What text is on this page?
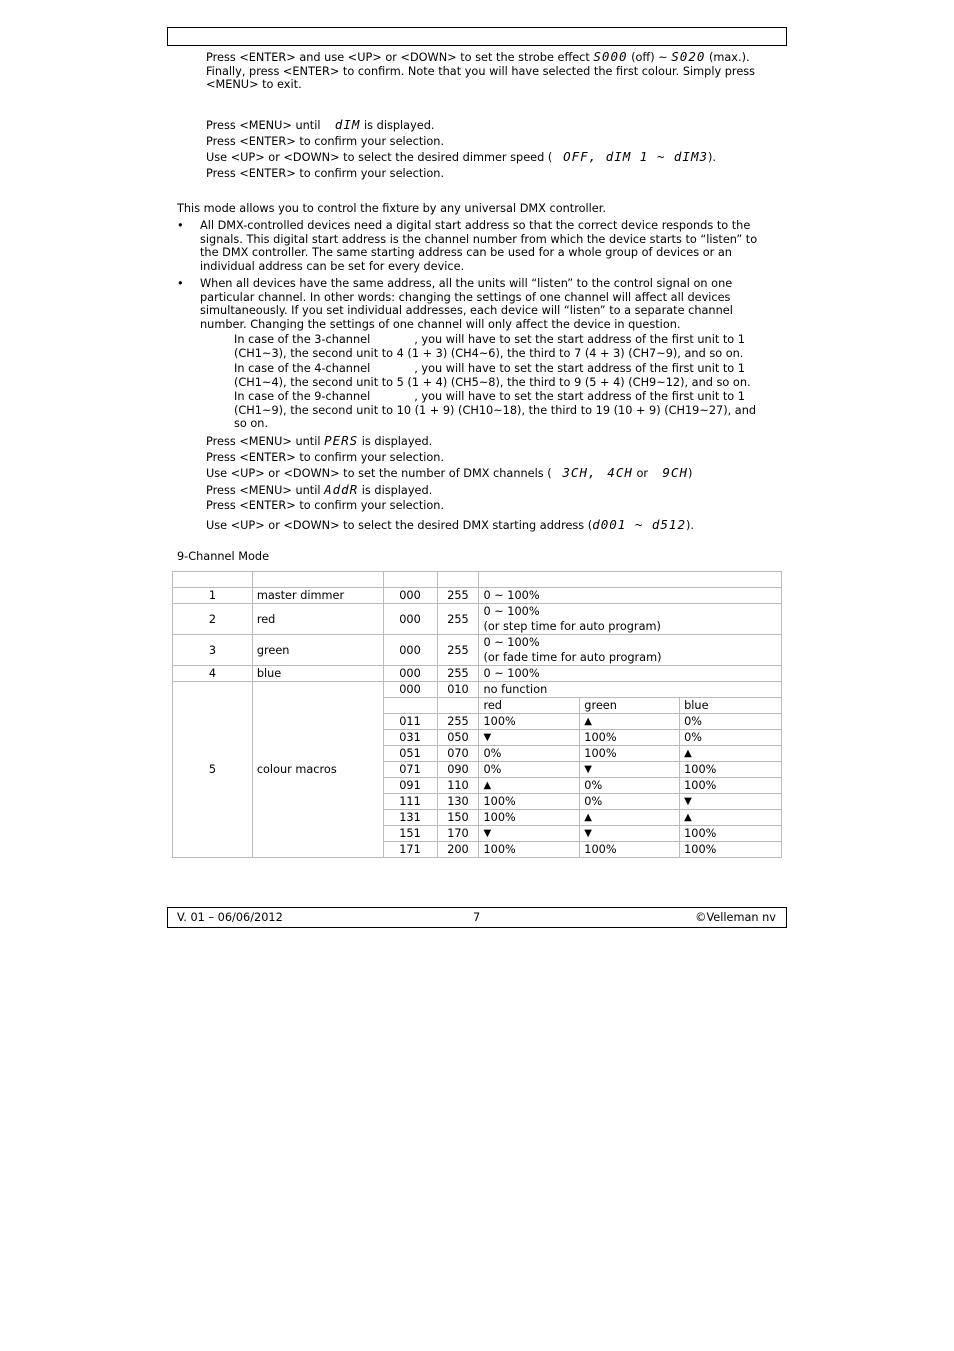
Press <ENTER> and use <UP> or <DOWN> to set the strobe effect S000 (off) ~ S020 (max.).
Finally, press <ENTER> to confirm. Note that you will have selected the first colour. Simply press
<MENU> to exit.
Press <MENU> until dIM is displayed.
Press <ENTER> to confirm your selection.
Use <UP> or <DOWN> to select the desired dimmer speed ( OFF, dIM 1 ~ dIM3).
Press <ENTER> to confirm your selection.
This mode allows you to control the fixture by any universal DMX controller.
• All DMX-controlled devices need a digital start address so that the correct device responds to the
signals. This digital start address is the channel number from which the device starts to “listen” to
the DMX controller. The same starting address can be used for a whole group of devices or an
individual address can be set for every device.
• When all devices have the same address, all the units will “listen” to the control signal on one
particular channel. In other words: changing the settings of one channel will affect all devices
simultaneously. If you set individual addresses, each device will “listen” to a separate channel
number. Changing the settings of one channel will only affect the device in question.
In case of the 3-channel	, you will have to set the start address of the first unit to 1
(CH1~3), the second unit to 4 (1 + 3) (CH4~6), the third to 7 (4 + 3) (CH7~9), and so on.
In case of the 4-channel	, you will have to set the start address of the first unit to 1
(CH1~4), the second unit to 5 (1 + 4) (CH5~8), the third to 9 (5 + 4) (CH9~12), and so on.
In case of the 9-channel	, you will have to set the start address of the first unit to 1
(CH1~9), the second unit to 10 (1 + 9) (CH10~18), the third to 19 (10 + 9) (CH19~27), and
so on.
Press <MENU> until PERS is displayed.
Press <ENTER> to confirm your selection.
Use <UP> or <DOWN> to set the number of DMX channels ( 3CH, 4CH or    9CH)
Press <MENU> until AddR is displayed.
Press <ENTER> to confirm your selection.
Use <UP> or <DOWN> to select the desired DMX starting address (d001 ~ d512).
9-Channel Mode

1	master dimmer	000	255	0 ~ 100%		

2	red	000	255	0 ~ 100%
(or step time for auto program)		

3	green	000	255	0 ~ 100%
(or fade time for auto program)		

4	blue	000	255	0 ~ 100%		

5	colour macros	000	010	no function		
				red	green	blue
		011	255	100%	▲	0%
		031	050	▼	100%	0%
		051	070	0%	100%	▲
		071	090	0%	▼	100%
		091	110	▲	0%	100%
		111	130	100%	0%	▼
		131	150	100%	▲	▲
		151	170	▼	▼	100%
		171	200	100%	100%	100%
V. 01 – 06/06/2012	7	©Velleman nv
